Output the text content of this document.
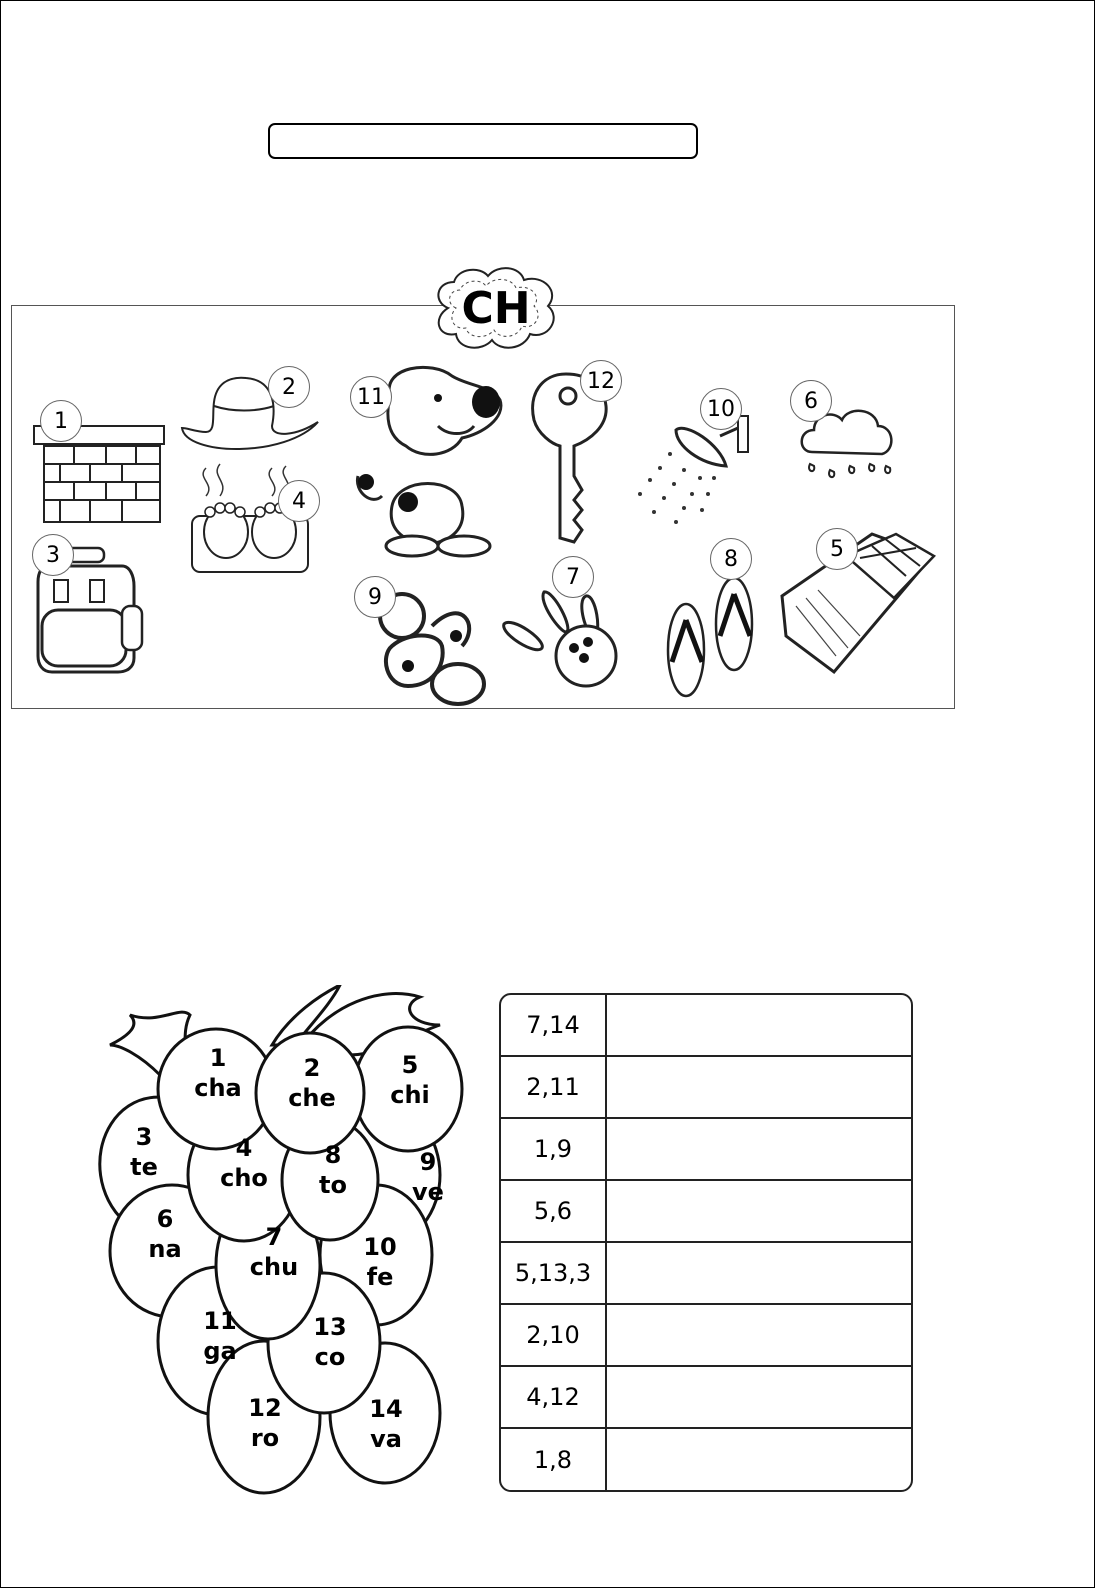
CH
1
2
3
4
11
9
12
7
10
8
6
5
1
cha
2
che
5
chi
3
te
4
cho
8
to
9
ve
6
na	7
chu
10
fe
11
ga
13
co
12
ro
14
va
7,14
2,11
1,9
5,6
5,13,3
2,10
4,12
1,8
